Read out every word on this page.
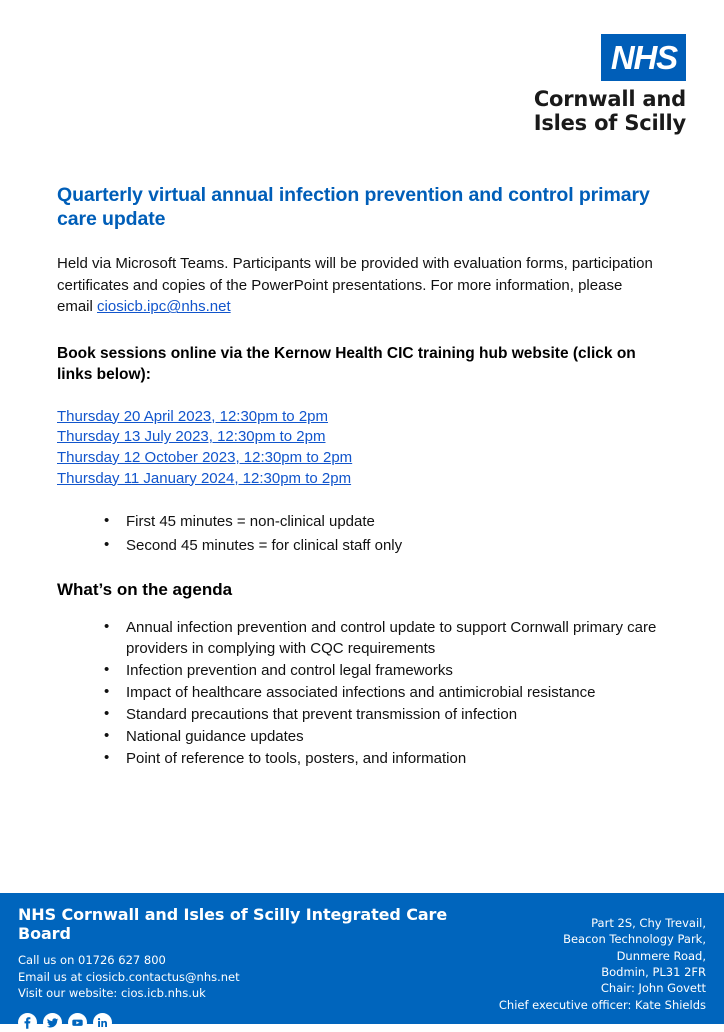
NHS
Cornwall and
Isles of Scilly
Quarterly virtual annual infection prevention and control primary care update

Held via Microsoft Teams. Participants will be provided with evaluation forms, participation certificates and copies of the PowerPoint presentations. For more information, please email ciosicb.ipc@nhs.net

Book sessions online via the Kernow Health CIC training hub website (click on links below):

Thursday 20 April 2023, 12:30pm to 2pm
Thursday 13 July 2023, 12:30pm to 2pm
Thursday 12 October 2023, 12:30pm to 2pm
Thursday 11 January 2024, 12:30pm to 2pm
• First 45 minutes = non-clinical update
• Second 45 minutes = for clinical staff only
What’s on the agenda
• Annual infection prevention and control update to support Cornwall primary care providers in complying with CQC requirements
• Infection prevention and control legal frameworks
• Impact of healthcare associated infections and antimicrobial resistance
• Standard precautions that prevent transmission of infection
• National guidance updates
• Point of reference to tools, posters, and information
NHS Cornwall and Isles of Scilly Integrated Care Board
Call us on 01726 627 800
Email us at ciosicb.contactus@nhs.net
Visit our website: cios.icb.nhs.uk
Part 2S, Chy Trevail,
Beacon Technology Park,
Dunmere Road,
Bodmin, PL31 2FR
Chair: John Govett
Chief executive officer: Kate Shields
